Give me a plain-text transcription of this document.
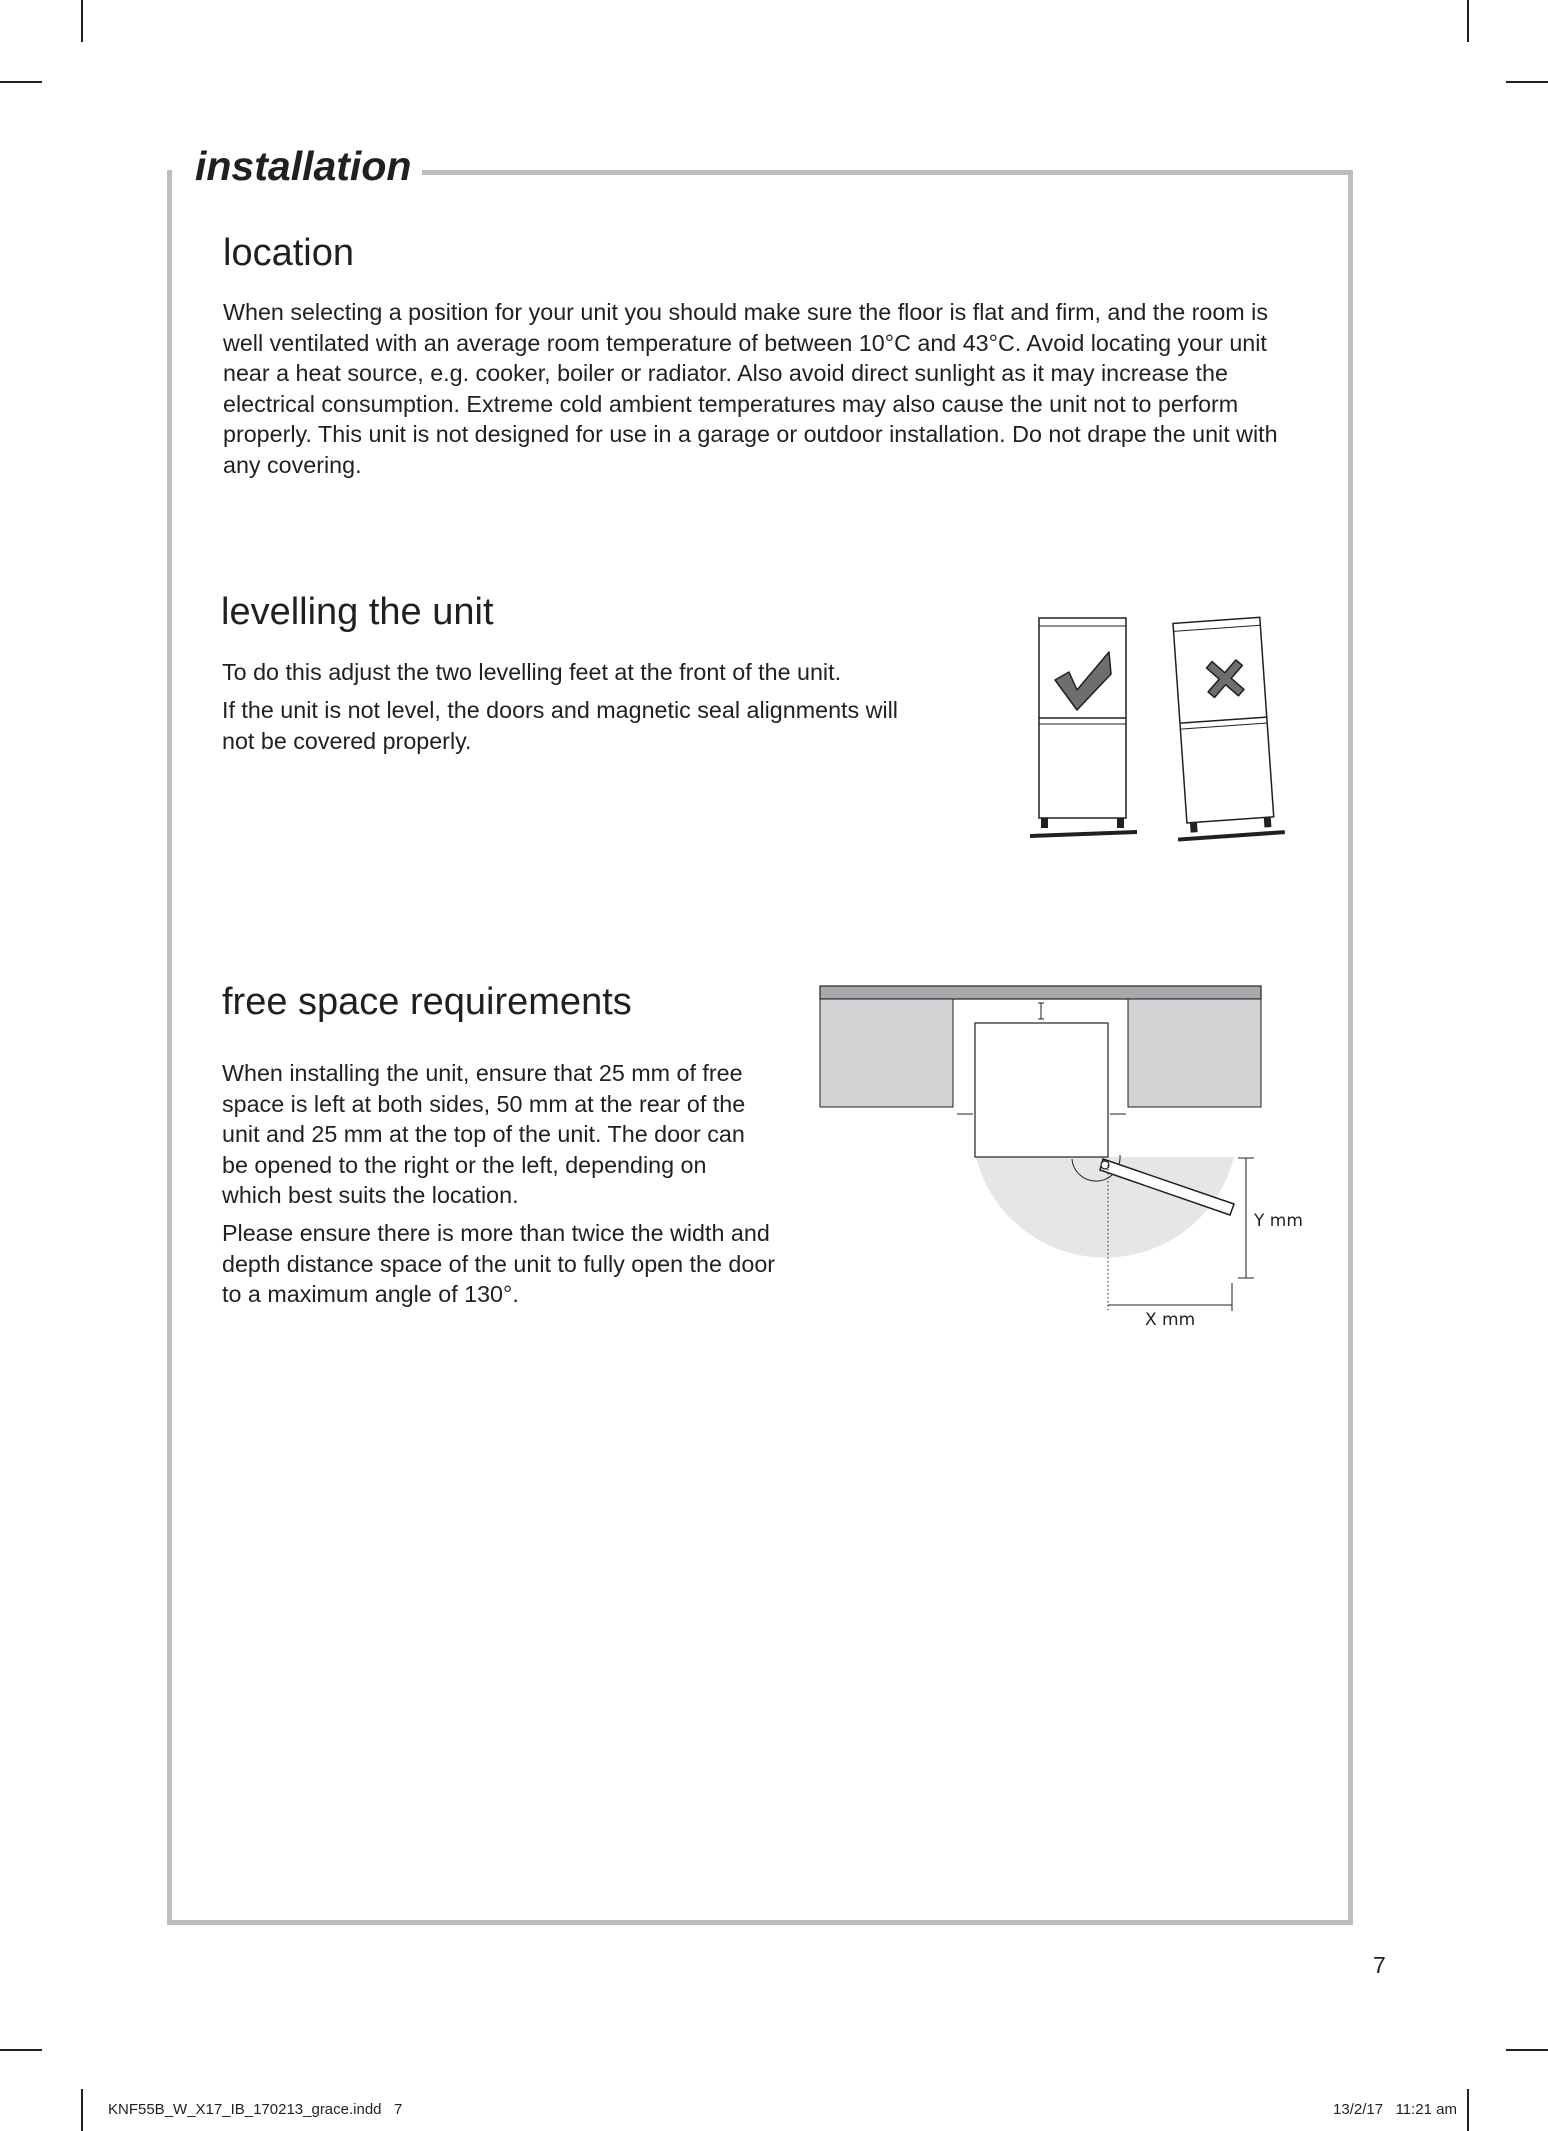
installation
location

When selecting a position for your unit you should make sure the floor is flat and firm, and the room is well ventilated with an average room temperature of between 10°C and 43°C. Avoid locating your unit near a heat source, e.g. cooker, boiler or radiator. Also avoid direct sunlight as it may increase the electrical consumption. Extreme cold ambient temperatures may also cause the unit not to perform properly. This unit is not designed for use in a garage or outdoor installation. Do not drape the unit with any covering.

levelling the unit

To do this adjust the two levelling feet at the front of the unit.

If the unit is not level, the doors and magnetic seal alignments will not be covered properly.

free space requirements

When installing the unit, ensure that 25 mm of free space is left at both sides, 50 mm at the rear of the unit and 25 mm at the top of the unit. The door can be opened to the right or the left, depending on which best suits the location.

Please ensure there is more than twice the width and depth distance space of the unit to fully open the door to a maximum angle of 130°.

Y mm
X mm
7
KNF55B_W_X17_IB_170213_grace.indd   7	13/2/17   11:21 am
